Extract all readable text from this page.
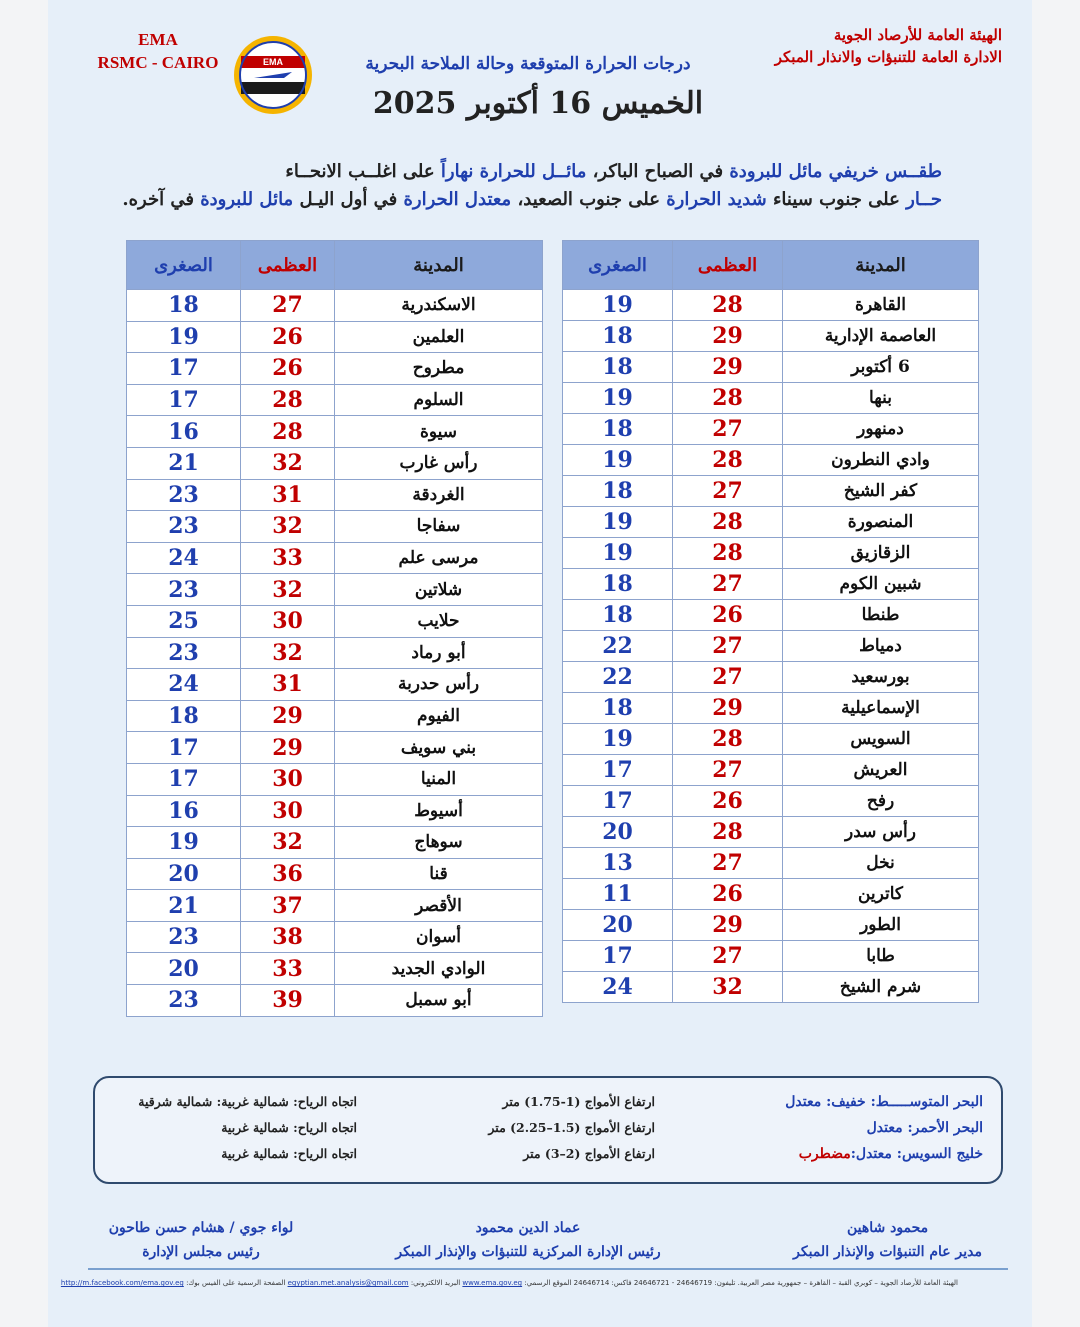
EMA
RSMC - CAIRO	EMA
الهيئة العامة للأرصاد الجوية
الادارة العامة للتنبؤات والانذار المبكر
درجات الحرارة المتوقعة وحالة الملاحة البحرية
الخميس 16 أكتوبر 2025
طقــس خريفي مائل للبرودة في الصباح الباكر، مائــل للحرارة نهاراً على اغلــب الانحــاء
حــار على جنوب سيناء شديد الحرارة على جنوب الصعيد، معتدل الحرارة في أول اليـل مائل للبرودة في آخره.
المدينة	العظمى	الصغرى
القاهرة	28	19
العاصمة الإدارية	29	18
6 أكتوبر	29	18
بنها	28	19
دمنهور	27	18
وادي النطرون	28	19
كفر الشيخ	27	18
المنصورة	28	19
الزقازيق	28	19
شبين الكوم	27	18
طنطا	26	18
دمياط	27	22
بورسعيد	27	22
الإسماعيلية	29	18
السويس	28	19
العريش	27	17
رفح	26	17
رأس سدر	28	20
نخل	27	13
كاترين	26	11
الطور	29	20
طابا	27	17
شرم الشيخ	32	24
المدينة	العظمى	الصغرى
الاسكندرية	27	18
العلمين	26	19
مطروح	26	17
السلوم	28	17
سيوة	28	16
رأس غارب	32	21
الغردقة	31	23
سفاجا	32	23
مرسى علم	33	24
شلاتين	32	23
حلايب	30	25
أبو رماد	32	23
رأس حدربة	31	24
الفيوم	29	18
بني سويف	29	17
المنيا	30	17
أسيوط	30	16
سوهاج	32	19
قنا	36	20
الأقصر	37	21
أسوان	38	23
الوادي الجديد	33	20
أبو سمبل	39	23
البحر المتوســـــط: خفيف: معتدل
ارتفاع الأمواج (1-1.75) متر
اتجاه الرياح: شمالية غربية: شمالية شرقية
البحر الأحمر: معتدل
ارتفاع الأمواج (1.5–2.25) متر
اتجاه الرياح: شمالية غربية
خليج السويس: معتدل:مضطرب
ارتفاع الأمواج (2–3) متر
اتجاه الرياح: شمالية غربية
محمود شاهين
مدير عام التنبؤات والإنذار المبكر
عماد الدين محمود
رئيس الإدارة المركزية للتنبؤات والإنذار المبكر
لواء جوي / هشام حسن طاحون
رئيس مجلس الإدارة
الهيئة العامة للأرصاد الجوية – كوبري القبة – القاهرة – جمهورية مصر العربية. تليفون: 24646719 - 24646721 فاكس: 24646714 الموقع الرسمي: www.ema.gov.eg البريد الالكتروني: egyptian.met.analysis@gmail.com الصفحة الرسمية على الفيس بوك: http://m.facebook.com/ema.gov.eg
